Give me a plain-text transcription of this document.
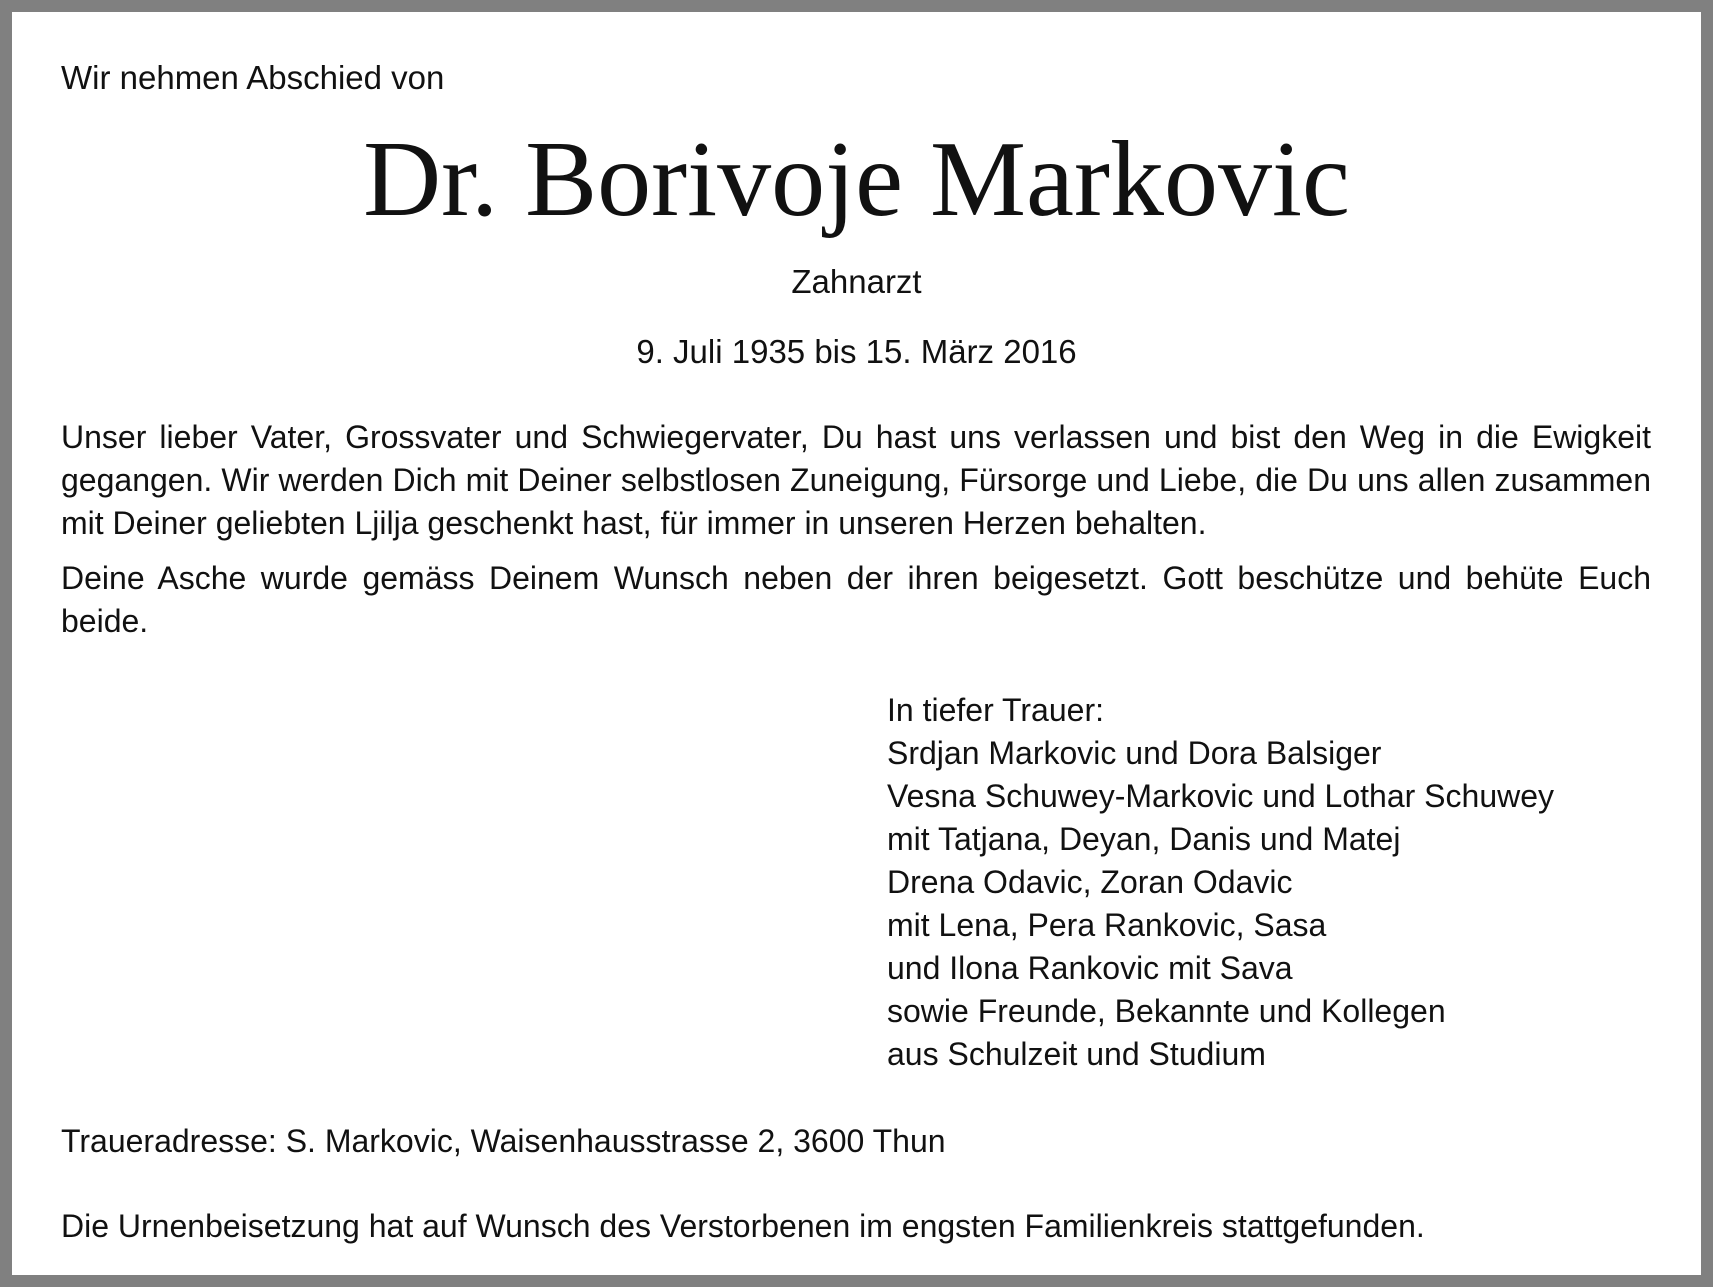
Wir nehmen Abschied von
Dr. Borivoje Markovic
Zahnarzt
9. Juli 1935 bis 15. März 2016

Unser lieber Vater, Grossvater und Schwiegervater, Du hast uns verlassen und bist den Weg in die Ewigkeit gegangen. Wir werden Dich mit Deiner selbstlosen Zuneigung, Fürsorge und Liebe, die Du uns allen zusammen mit Deiner geliebten Ljilja geschenkt hast, für immer in unseren Herzen behalten.

Deine Asche wurde gemäss Deinem Wunsch neben der ihren beigesetzt. Gott beschütze und behüte Euch beide.

In tiefer Trauer:
Srdjan Markovic und Dora Balsiger
Vesna Schuwey-Markovic und Lothar Schuwey
mit Tatjana, Deyan, Danis und Matej
Drena Odavic, Zoran Odavic
mit Lena, Pera Rankovic, Sasa
und Ilona Rankovic mit Sava
sowie Freunde, Bekannte und Kollegen
aus Schulzeit und Studium
Traueradresse: S. Markovic, Waisenhausstrasse 2, 3600 Thun
Die Urnenbeisetzung hat auf Wunsch des Verstorbenen im engsten Familienkreis stattgefunden.
